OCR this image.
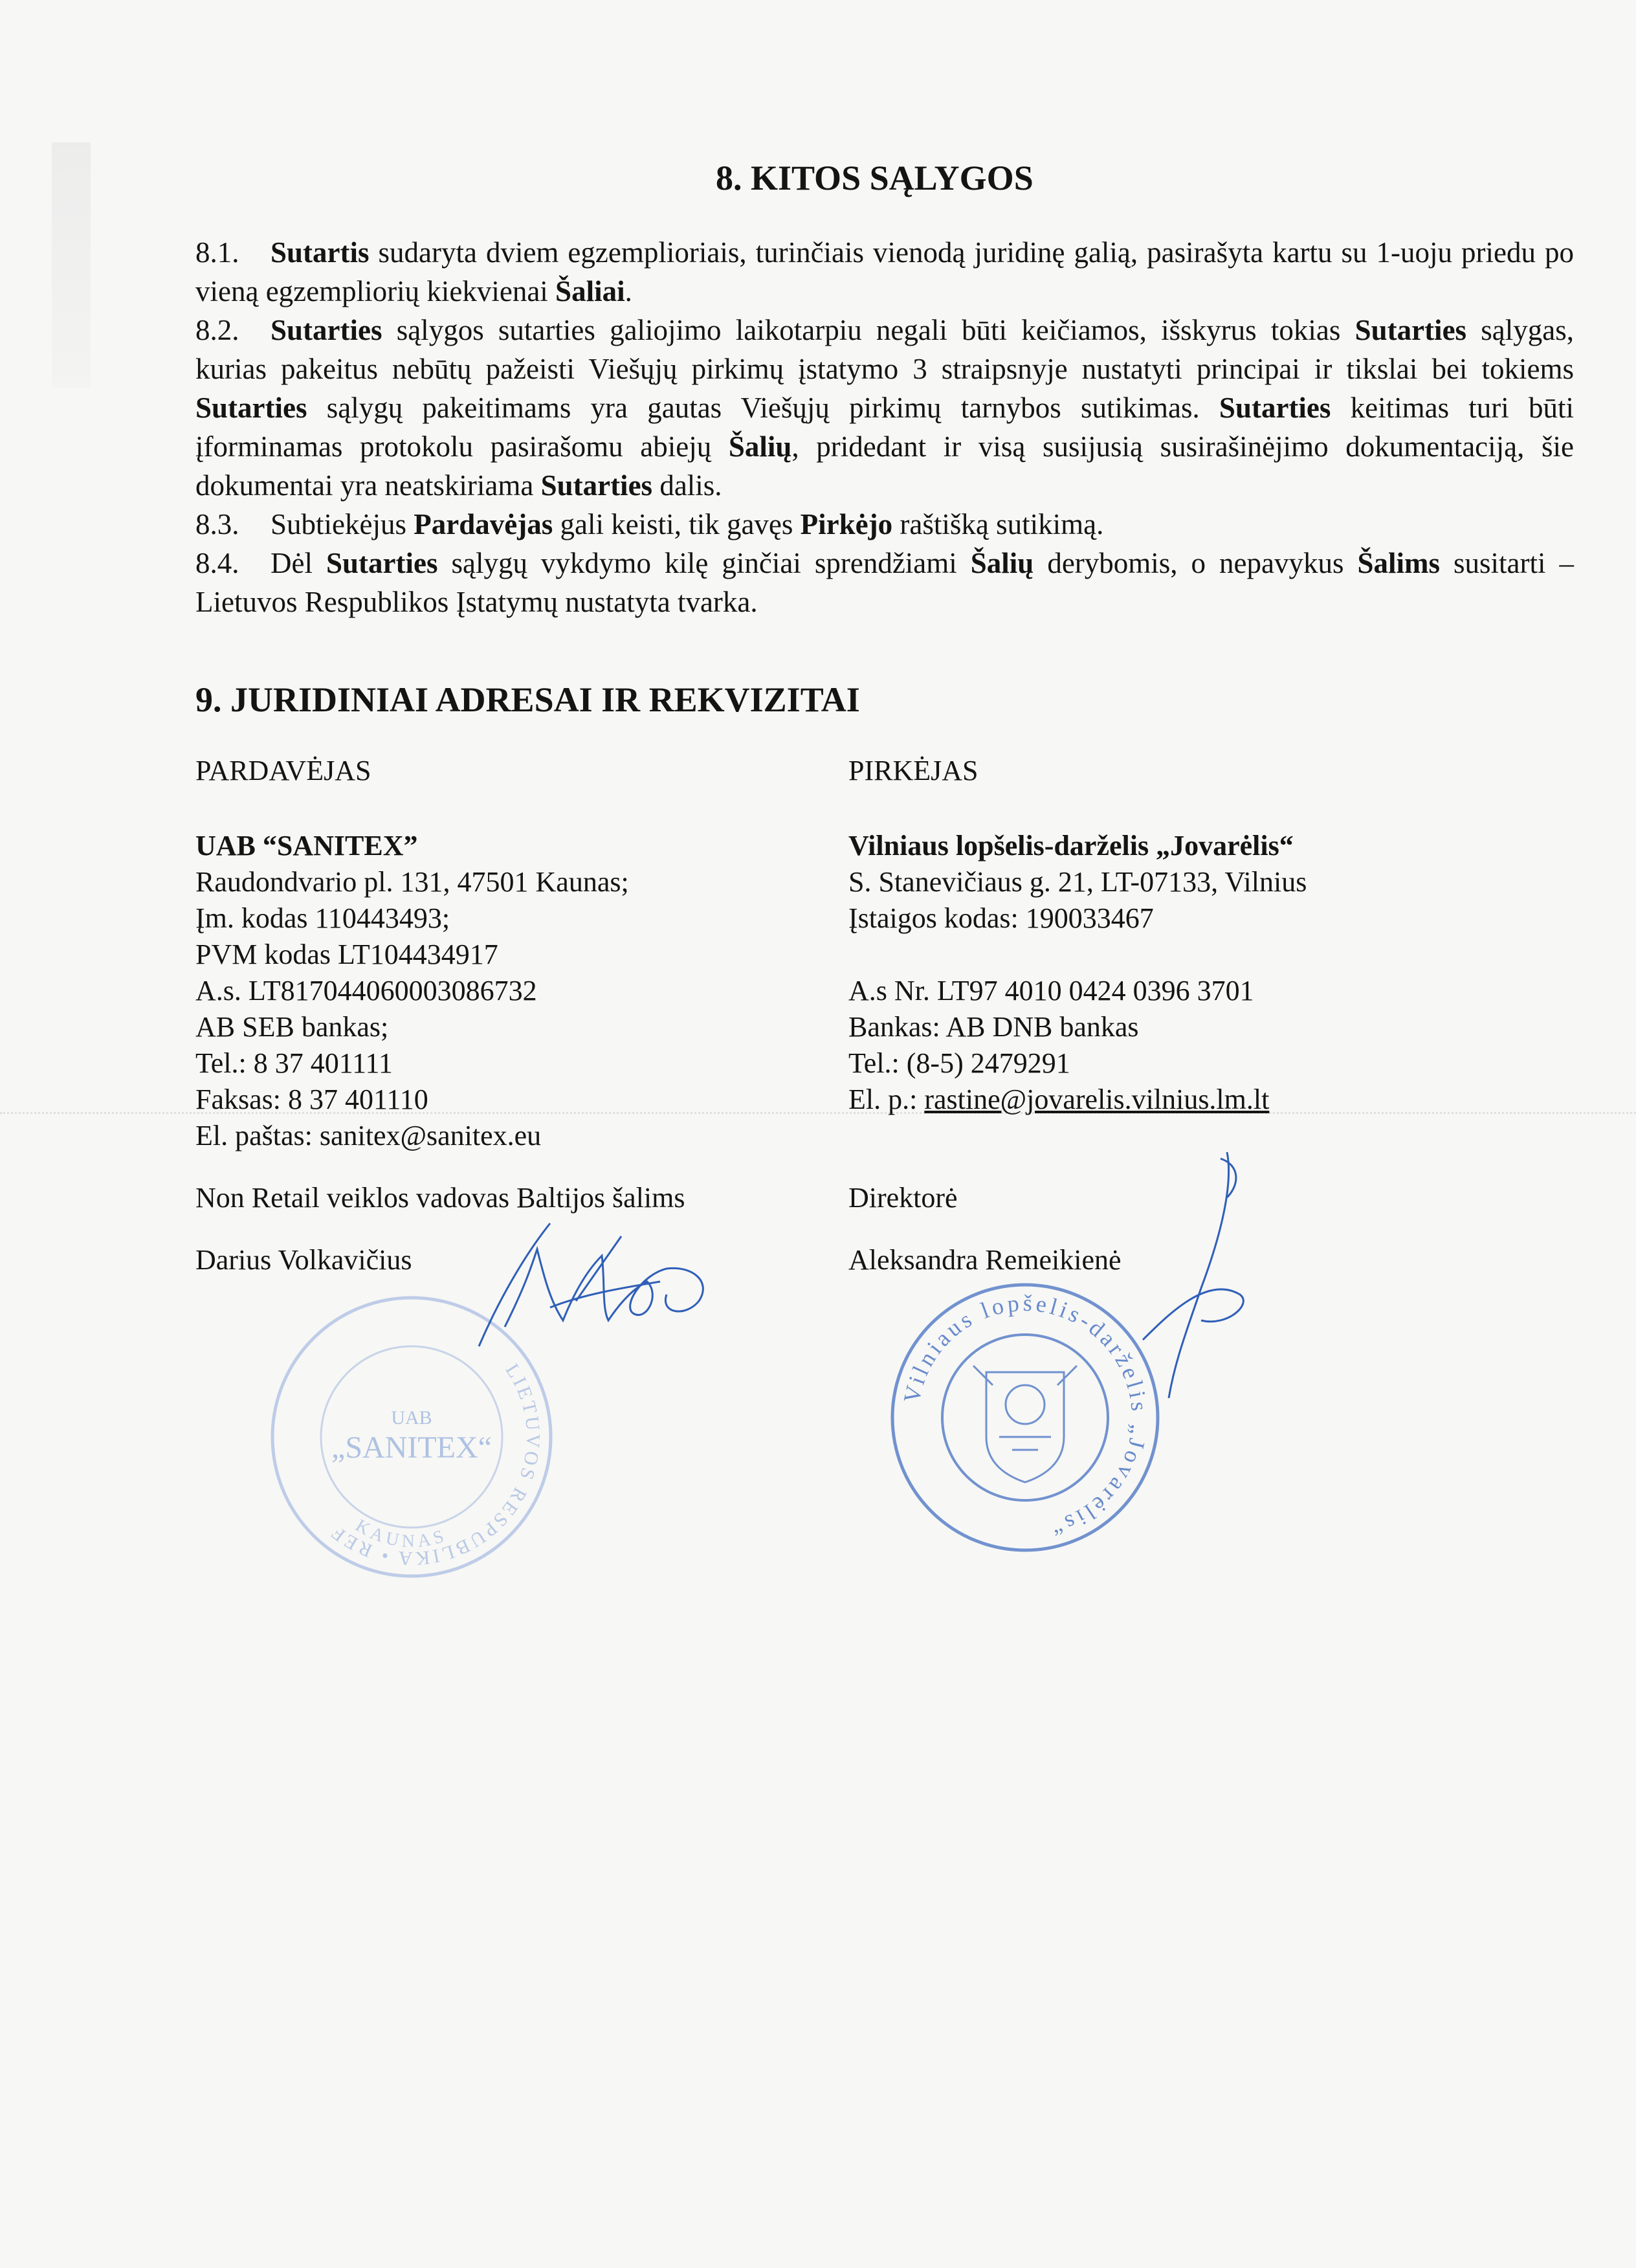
8. KITOS SĄLYGOS
8.1. Sutartis sudaryta dviem egzemplioriais, turinčiais vienodą juridinę galią, pasirašyta kartu su 1-uoju priedu po vieną egzempliorių kiekvienai Šaliai.
8.2. Sutarties sąlygos sutarties galiojimo laikotarpiu negali būti keičiamos, išskyrus tokias Sutarties sąlygas, kurias pakeitus nebūtų pažeisti Viešųjų pirkimų įstatymo 3 straipsnyje nustatyti principai ir tikslai bei tokiems Sutarties sąlygų pakeitimams yra gautas Viešųjų pirkimų tarnybos sutikimas. Sutarties keitimas turi būti įforminamas protokolu pasirašomu abiejų Šalių, pridedant ir visą susijusią susirašinėjimo dokumentaciją, šie dokumentai yra neatskiriama Sutarties dalis.
8.3. Subtiekėjus Pardavėjas gali keisti, tik gavęs Pirkėjo raštišką sutikimą.
8.4. Dėl Sutarties sąlygų vykdymo kilę ginčiai sprendžiami Šalių derybomis, o nepavykus Šalims susitarti – Lietuvos Respublikos Įstatymų nustatyta tvarka.
9. JURIDINIAI ADRESAI IR REKVIZITAI
PARDAVĖJAS
UAB “SANITEX”
Raudondvario pl. 131, 47501 Kaunas;
Įm. kodas 110443493;
PVM kodas LT104434917
A.s. LT817044060003086732
AB SEB bankas;
Tel.: 8 37 401111
Faksas: 8 37 401110
El. paštas: sanitex@sanitex.eu
Non Retail veiklos vadovas Baltijos šalims
Darius Volkavičius
PIRKĖJAS
Vilniaus lopšelis-darželis „Jovarėlis“
S. Stanevičiaus g. 21, LT-07133, Vilnius
Įstaigos kodas: 190033467
A.s Nr. LT97 4010 0424 0396 3701
Bankas: AB DNB bankas
Tel.: (8-5) 2479291
El. p.: rastine@jovarelis.vilnius.lm.lt
Direktorė
Aleksandra Remeikienė
LIETUVOS RESPUBLIKA • REF KAUNAS
UAB
„SANITEX“
Vilniaus lopšelis-darželis „Jovarėlis“
